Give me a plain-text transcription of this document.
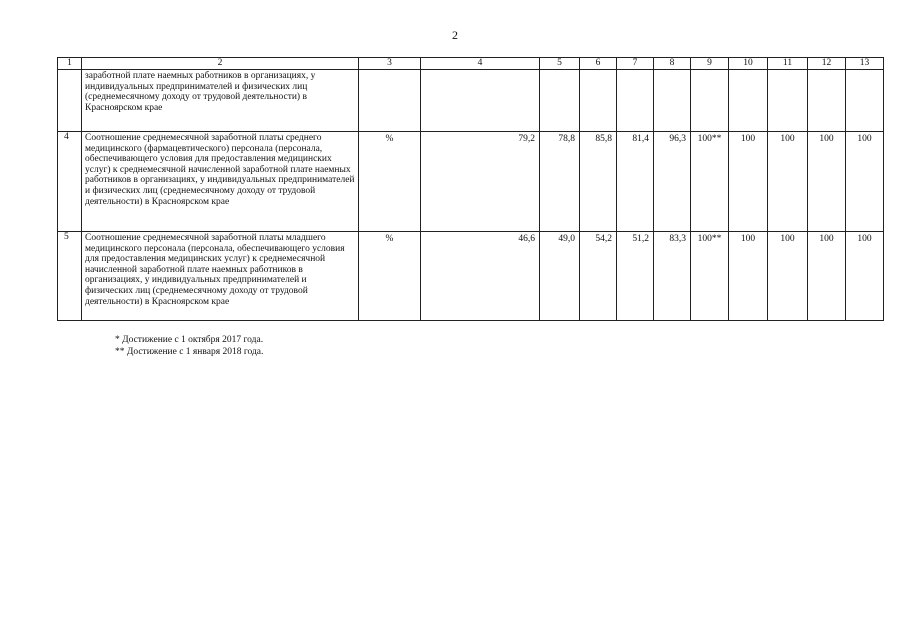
2
1	2	3	4	5	6	7	8	9	10	11	12	13
	заработной плате наемных работников в организациях, у индивидуальных предпринимателей и физических лиц (среднемесячному доходу от трудовой деятельности) в Красноярском крае											
4	Соотношение среднемесячной заработной платы среднего медицинского (фармацевтического) персонала (персонала, обеспечивающего условия для предоставления медицинских услуг) к среднемесячной начисленной заработной плате наемных работников в организациях, у индивидуальных предпринимателей и физических лиц (среднемесячному доходу от трудовой деятельности) в Красноярском крае	%	79,2	78,8	85,8	81,4	96,3	100**	100	100	100	100
5	Соотношение среднемесячной заработной платы младшего медицинского персонала (персонала, обеспечивающего условия для предоставления медицинских услуг) к среднемесячной начисленной заработной плате наемных работников в организациях, у индивидуальных предпринимателей и физических лиц (среднемесячному доходу от трудовой деятельности) в Красноярском крае	%	46,6	49,0	54,2	51,2	83,3	100**	100	100	100	100
* Достижение с 1 октября 2017 года.
** Достижение с 1 января 2018 года.
